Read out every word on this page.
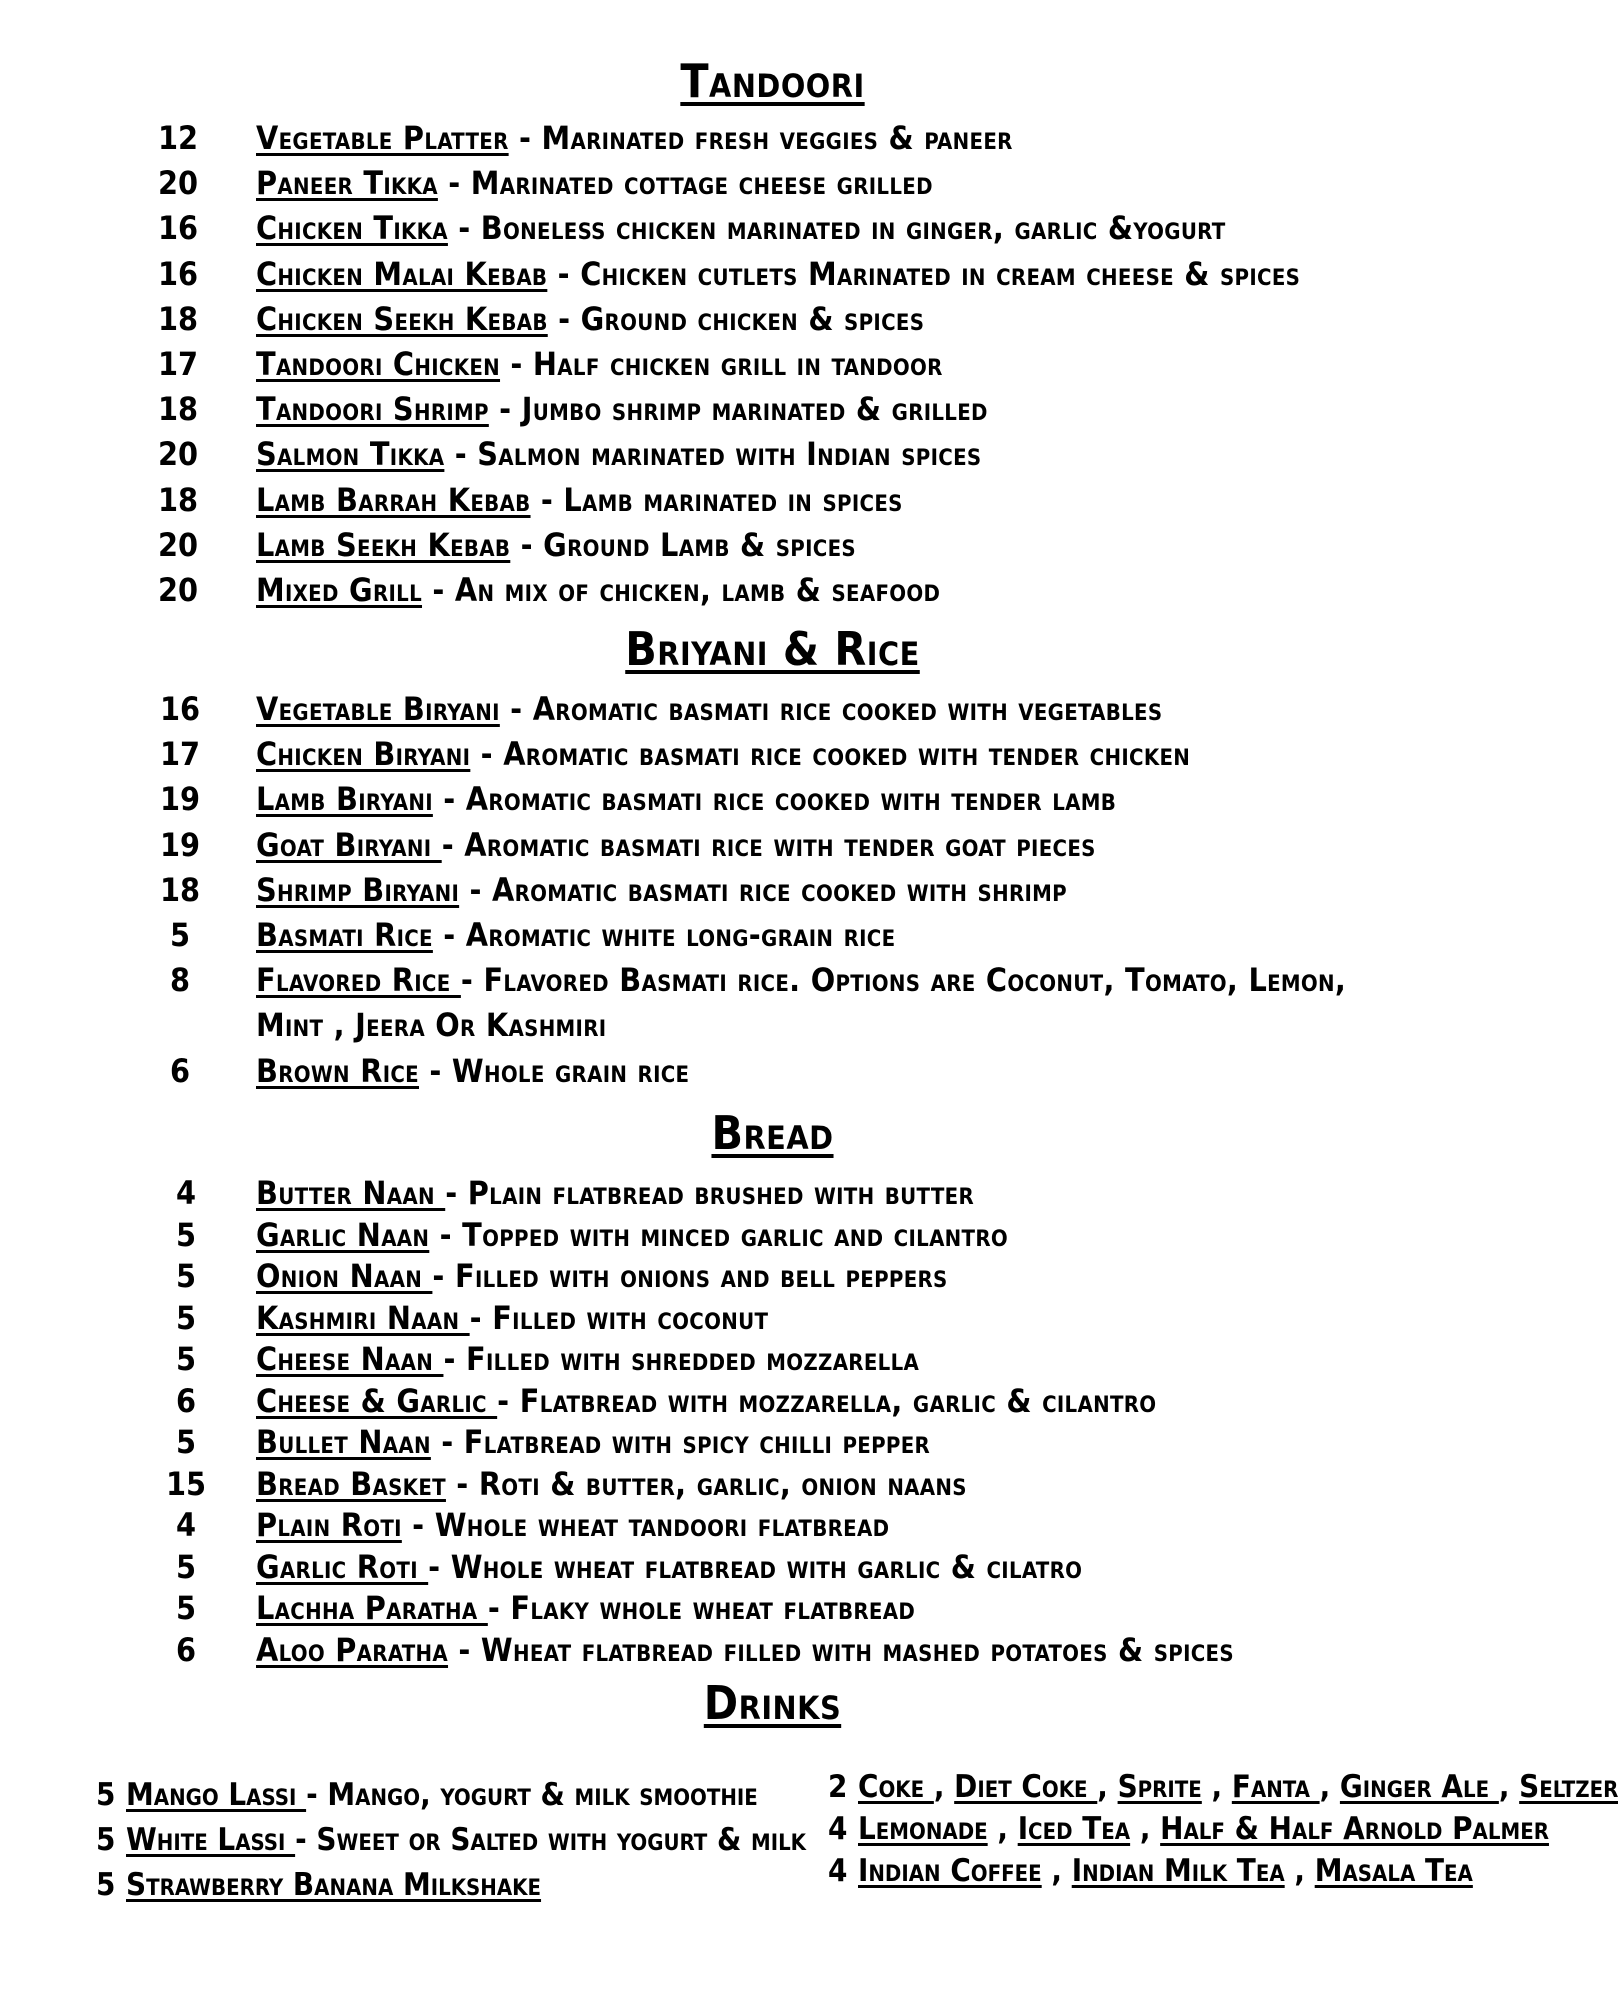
Tandoori
12	Vegetable Platter - Marinated fresh veggies & paneer
20	Paneer Tikka - Marinated cottage cheese grilled
16	Chicken Tikka - Boneless chicken marinated in ginger, garlic &yogurt
16	Chicken Malai Kebab - Chicken cutlets Marinated in cream cheese & spices
18	Chicken Seekh Kebab - Ground chicken & spices
17	Tandoori Chicken - Half chicken grill in tandoor
18	Tandoori Shrimp - Jumbo shrimp marinated & grilled
20	Salmon Tikka - Salmon marinated with Indian spices
18	Lamb Barrah Kebab - Lamb marinated in spices
20	Lamb Seekh Kebab - Ground Lamb & spices
20	Mixed Grill - An mix of chicken, lamb & seafood
Briyani & Rice
16	Vegetable Biryani - Aromatic basmati rice cooked with vegetables
17	Chicken Biryani - Aromatic basmati rice cooked with tender chicken
19	Lamb Biryani - Aromatic basmati rice cooked with tender lamb
19	Goat Biryani - Aromatic basmati rice with tender goat pieces
18	Shrimp Biryani - Aromatic basmati rice cooked with shrimp
5	Basmati Rice - Aromatic white long-grain rice
8	Flavored Rice - Flavored Basmati rice. Options are Coconut, Tomato, Lemon,
Mint , Jeera Or Kashmiri
6	Brown Rice - Whole grain rice
Bread
4	Butter Naan - Plain flatbread brushed with butter
5	Garlic Naan - Topped with minced garlic and cilantro
5	Onion Naan - Filled with onions and bell peppers
5	Kashmiri Naan - Filled with coconut
5	Cheese Naan - Filled with shredded mozzarella
6	Cheese & Garlic - Flatbread with mozzarella, garlic & cilantro
5	Bullet Naan - Flatbread with spicy chilli pepper
15	Bread Basket - Roti & butter, garlic, onion naans
4	Plain Roti - Whole wheat tandoori flatbread
5	Garlic Roti - Whole wheat flatbread with garlic & cilatro
5	Lachha Paratha - Flaky whole wheat flatbread
6	Aloo Paratha - Wheat flatbread filled with mashed potatoes & spices
Drinks
5 Mango Lassi - Mango, yogurt & milk smoothie
5 White Lassi - Sweet or Salted with yogurt & milk
5 Strawberry Banana Milkshake
2 Coke , Diet Coke , Sprite , Fanta , Ginger Ale , Seltzer
4 Lemonade , Iced Tea , Half & Half Arnold Palmer
4 Indian Coffee , Indian Milk Tea , Masala Tea
